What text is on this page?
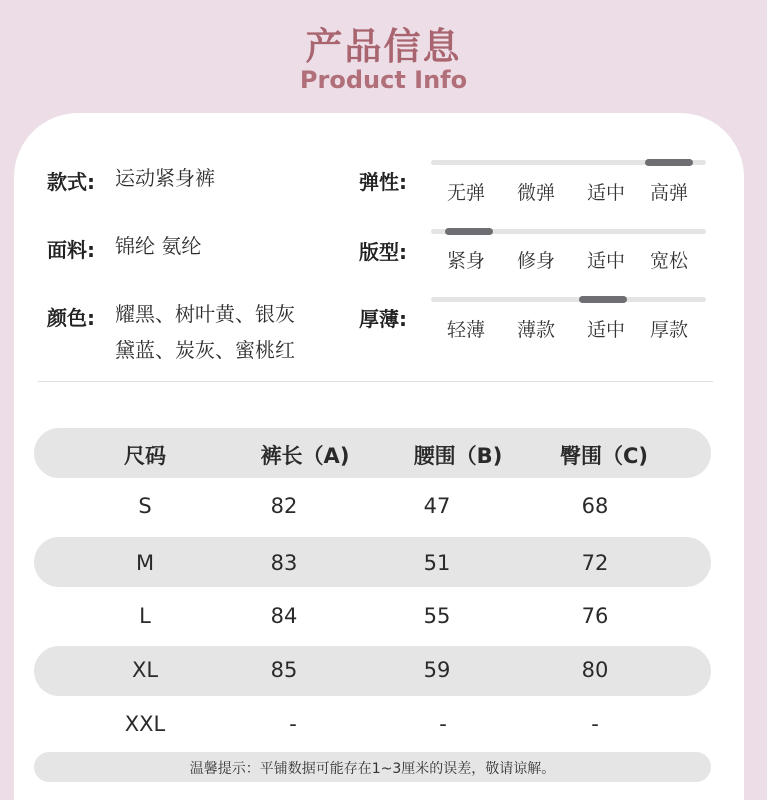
产品信息
Product Info
款式: 运动紧身裤
面料: 锦纶 氨纶
颜色: 耀黑、树叶黄、银灰
黛蓝、炭灰、蜜桃红
弹性:	无弹	微弹	适中	高弹
版型:	紧身	修身	适中	宽松
厚薄:	轻薄	薄款	适中	厚款
尺码	裤长（A)	腰围（B)	臀围（C)
S	82	47	68
M	83	51	72
L	84	55	76
XL	85	59	80
XXL	-	-	-
温馨提示：平铺数据可能存在1~3厘米的误差，敬请谅解。
